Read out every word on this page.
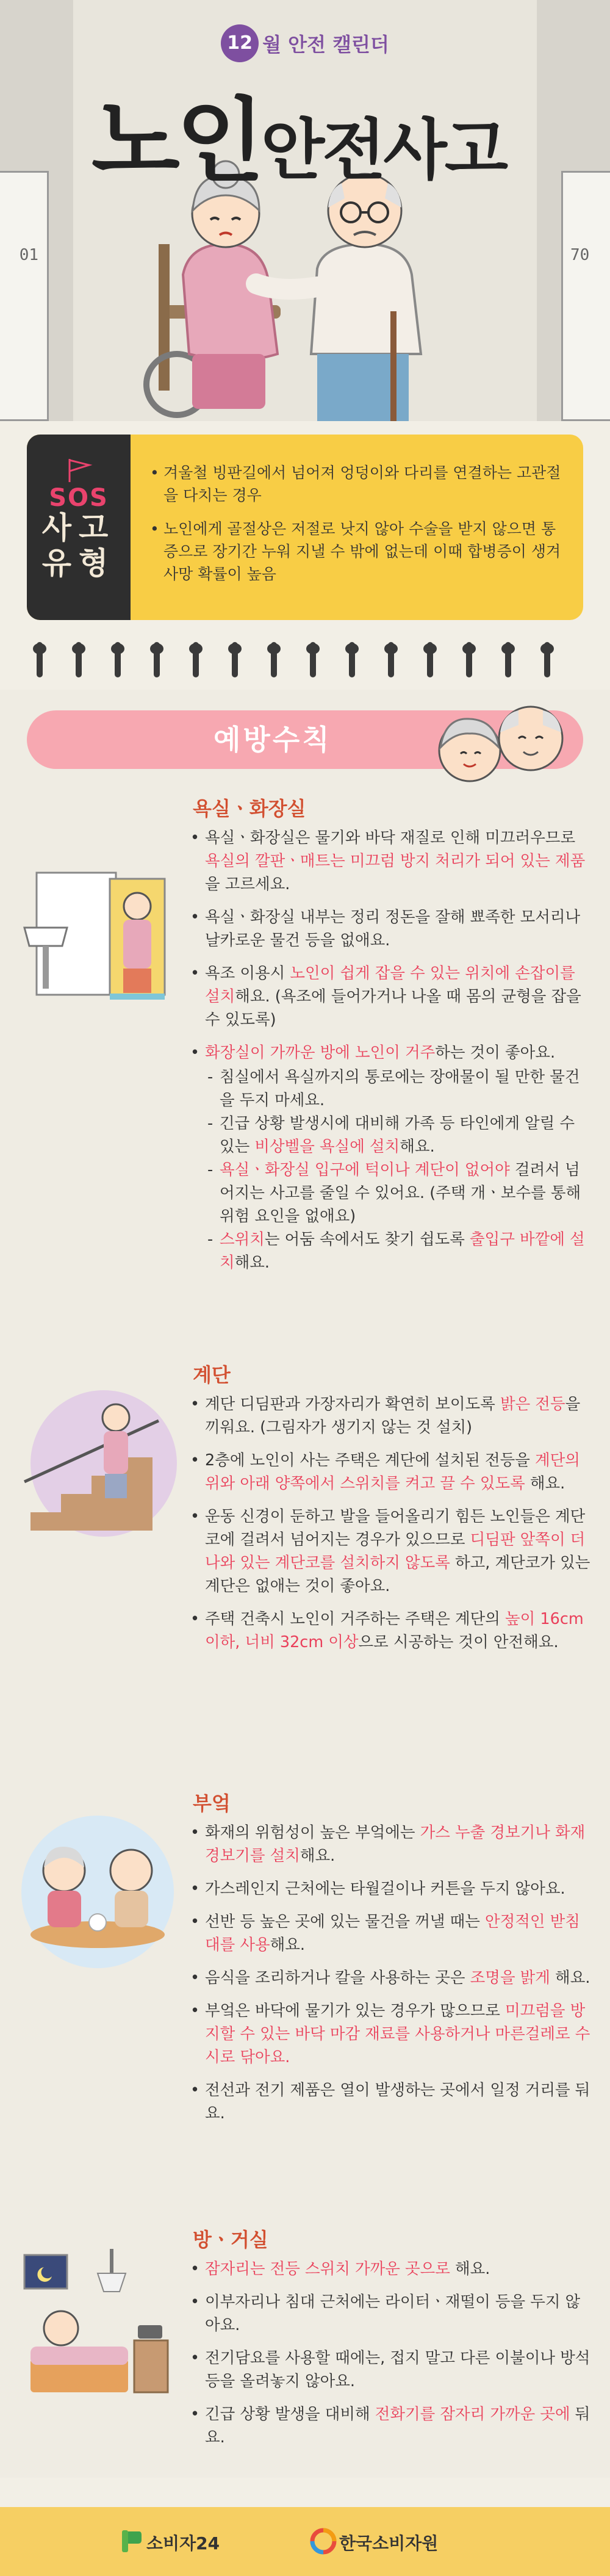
01	70
12 월 안전 캘린더
노인안전사고
SOS
사고
유형
• 겨울철 빙판길에서 넘어져 엉덩이와 다리를 연결하는 고관절을 다치는 경우
• 노인에게 골절상은 저절로 낫지 않아 수술을 받지 않으면 통증으로 장기간 누워 지낼 수 밖에 없는데 이때 합병증이 생겨 사망 확률이 높음
예방수칙
욕실ㆍ화장실
• 욕실ㆍ화장실은 물기와 바닥 재질로 인해 미끄러우므로 욕실의 깔판ㆍ매트는 미끄럼 방지 처리가 되어 있는 제품을 고르세요.
• 욕실ㆍ화장실 내부는 정리 정돈을 잘해 뾰족한 모서리나 날카로운 물건 등을 없애요.
• 욕조 이용시 노인이 쉽게 잡을 수 있는 위치에 손잡이를 설치해요. (욕조에 들어가거나 나올 때 몸의 균형을 잡을 수 있도록)
• 화장실이 가까운 방에 노인이 거주하는 것이 좋아요.
- 침실에서 욕실까지의 통로에는 장애물이 될 만한 물건을 두지 마세요.
- 긴급 상황 발생시에 대비해 가족 등 타인에게 알릴 수 있는 비상벨을 욕실에 설치해요.
- 욕실ㆍ화장실 입구에 턱이나 계단이 없어야 걸려서 넘어지는 사고를 줄일 수 있어요. (주택 개ㆍ보수를 통해 위험 요인을 없애요)
- 스위치는 어둠 속에서도 찾기 쉽도록 출입구 바깥에 설치해요.
계단
• 계단 디딤판과 가장자리가 확연히 보이도록 밝은 전등을 끼워요. (그림자가 생기지 않는 것 설치)
• 2층에 노인이 사는 주택은 계단에 설치된 전등을 계단의 위와 아래 양쪽에서 스위치를 켜고 끌 수 있도록 해요.
• 운동 신경이 둔하고 발을 들어올리기 힘든 노인들은 계단코에 걸려서 넘어지는 경우가 있으므로 디딤판 앞쪽이 더 나와 있는 계단코를 설치하지 않도록 하고, 계단코가 있는 계단은 없애는 것이 좋아요.
• 주택 건축시 노인이 거주하는 주택은 계단의 높이 16cm 이하, 너비 32cm 이상으로 시공하는 것이 안전해요.
부엌
• 화재의 위험성이 높은 부엌에는 가스 누출 경보기나 화재경보기를 설치해요.
• 가스레인지 근처에는 타월걸이나 커튼을 두지 않아요.
• 선반 등 높은 곳에 있는 물건을 꺼낼 때는 안정적인 받침대를 사용해요.
• 음식을 조리하거나 칼을 사용하는 곳은 조명을 밝게 해요.
• 부엌은 바닥에 물기가 있는 경우가 많으므로 미끄럼을 방지할 수 있는 바닥 마감 재료를 사용하거나 마른걸레로 수시로 닦아요.
• 전선과 전기 제품은 열이 발생하는 곳에서 일정 거리를 둬요.
방ㆍ거실
• 잠자리는 전등 스위치 가까운 곳으로 해요.
• 이부자리나 침대 근처에는 라이터ㆍ재떨이 등을 두지 않아요.
• 전기담요를 사용할 때에는, 접지 말고 다른 이불이나 방석 등을 올려놓지 않아요.
• 긴급 상황 발생을 대비해 전화기를 잠자리 가까운 곳에 둬요.
소비자24	한국소비자원
